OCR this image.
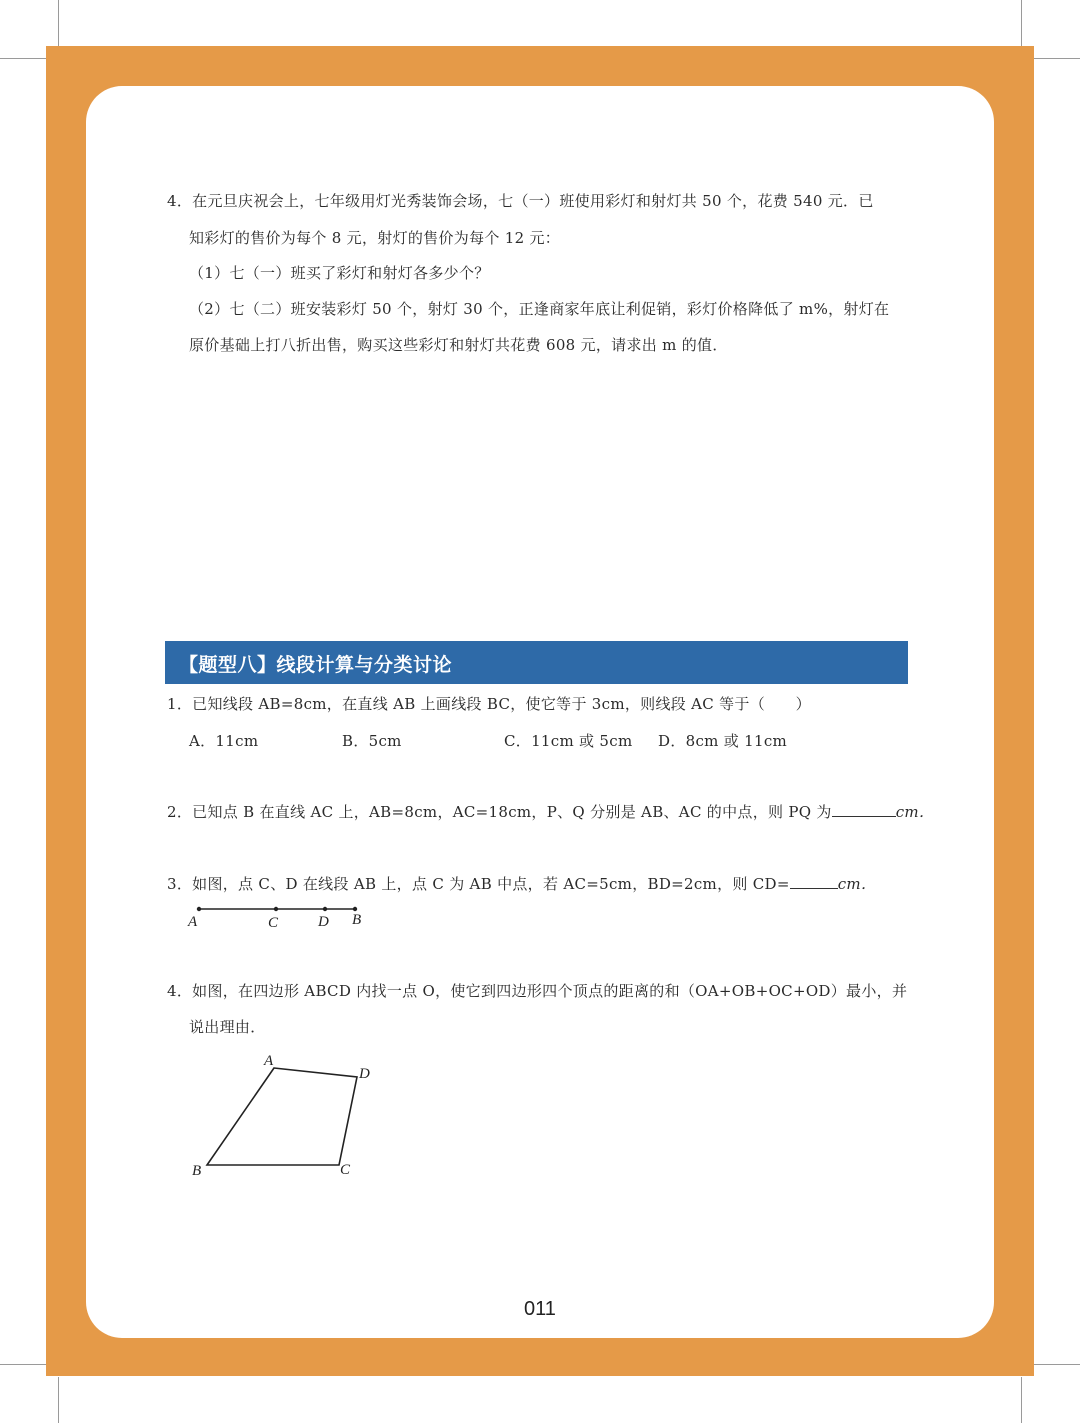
4．在元旦庆祝会上，七年级用灯光秀装饰会场，七（一）班使用彩灯和射灯共 50 个，花费 540 元．已
知彩灯的售价为每个 8 元，射灯的售价为每个 12 元：
（1）七（一）班买了彩灯和射灯各多少个？
（2）七（二）班安装彩灯 50 个，射灯 30 个，正逢商家年底让利促销，彩灯价格降低了 m%，射灯在
原价基础上打八折出售，购买这些彩灯和射灯共花费 608 元，请求出 m 的值．
【题型八】线段计算与分类讨论
1．已知线段 AB=8cm，在直线 AB 上画线段 BC，使它等于 3cm，则线段 AC 等于（　　）
A．11cm	B．5cm	C．11cm 或 5cm D．8cm 或 11cm
2．已知点 B 在直线 AC 上，AB=8cm，AC=18cm，P、Q 分别是 AB、AC 的中点，则 PQ 为	cm．
3．如图，点 C、D 在线段 AB 上，点 C 为 AB 中点，若 AC=5cm，BD=2cm，则 CD=	cm．
A	C	D B
A
D
B	C
4．如图，在四边形 ABCD 内找一点 O，使它到四边形四个顶点的距离的和（OA+OB+OC+OD）最小，并
说出理由．
011
